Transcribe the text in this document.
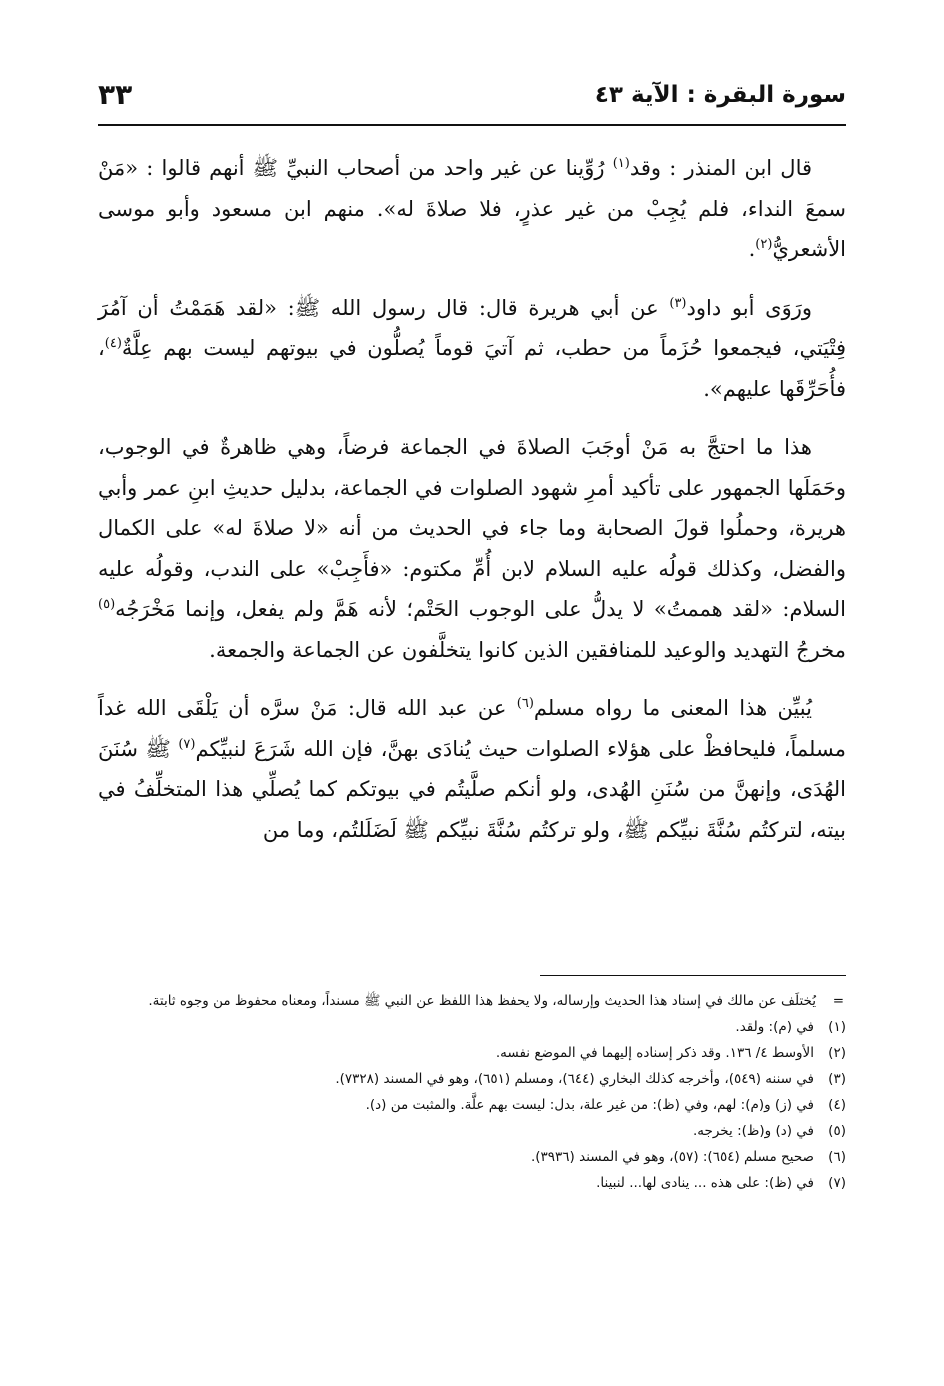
سورة البقرة : الآية ٤٣
٣٣

قال ابن المنذر : وقد$^{(١)}$ رُوِّينا عن غير واحد من أصحاب النبيِّ ﷺ أنهم قالوا : «مَنْ سمعَ النداء، فلم يُجِبْ من غير عذرٍ، فلا صلاةَ له». منهم ابن مسعود وأبو موسى الأشعريُّ$^{(٢)}$.

ورَوَى أبو داود$^{(٣)}$ عن أبي هريرة قال: قال رسول الله ﷺ: «لقد هَمَمْتُ أن آمُرَ فِتْيَتي، فيجمعوا حُزَماً من حطب، ثم آتيَ قوماً يُصلُّون في بيوتهم ليست بهم عِلَّةٌ$^{(٤)}$، فأُحَرِّقَها عليهم».

هذا ما احتجَّ به مَنْ أوجَبَ الصلاةَ في الجماعة فرضاً، وهي ظاهرةٌ في الوجوب، وحَمَلَها الجمهور على تأكيد أمرِ شهود الصلوات في الجماعة، بدليل حديثِ ابنِ عمر وأبي هريرة، وحملُوا قولَ الصحابة وما جاء في الحديث من أنه «لا صلاةَ له» على الكمال والفضل، وكذلك قولُه عليه السلام لابن أُمِّ مكتوم: «فأَجِبْ» على الندب، وقولُه عليه السلام: «لقد هممتُ» لا يدلُّ على الوجوب الحَتْم؛ لأنه هَمَّ ولم يفعل، وإنما مَخْرَجُه$^{(٥)}$ مخرجُ التهديد والوعيد للمنافقين الذين كانوا يتخلَّفون عن الجماعة والجمعة.

يُبيِّن هذا المعنى ما رواه مسلم$^{(٦)}$ عن عبد الله قال: مَنْ سرَّه أن يَلْقَى الله غداً مسلماً، فليحافظْ على هؤلاء الصلوات حيث يُنادَى بهنَّ، فإن الله شَرَعَ لنبيِّكم$^{(٧)}$ ﷺ سُنَنَ الهُدَى، وإنهنَّ من سُنَنِ الهُدى، ولو أنكم صلَّيتُم في بيوتكم كما يُصلِّي هذا المتخلِّفُ في بيته، لتركتُم سُنَّةَ نبيِّكم ﷺ، ولو تركتُم سُنَّةَ نبيِّكم ﷺ لَضَلَلتُم، وما من

=
يُختلَف عن مالك في إسناد هذا الحديث وإرساله، ولا يحفظ هذا اللفظ عن النبي ﷺ مسنداً، ومعناه محفوظ من وجوه ثابتة.
(١)
في (م): ولقد.
(٢)
الأوسط ٤/ ١٣٦. وقد ذكر إسناده إليهما في الموضع نفسه.
(٣)
في سننه (٥٤٩)، وأخرجه كذلك البخاري (٦٤٤)، ومسلم (٦٥١)، وهو في المسند (٧٣٢٨).
(٤)
في (ز) و(م): لهم، وفي (ظ): من غير علة، بدل: ليست بهم علَّة. والمثبت من (د).
(٥)
في (د) و(ظ): يخرجه.
(٦)
صحيح مسلم (٦٥٤): (٥٧)، وهو في المسند (٣٩٣٦).
(٧)
في (ظ): على هذه ... ينادى لها... لنبينا.
